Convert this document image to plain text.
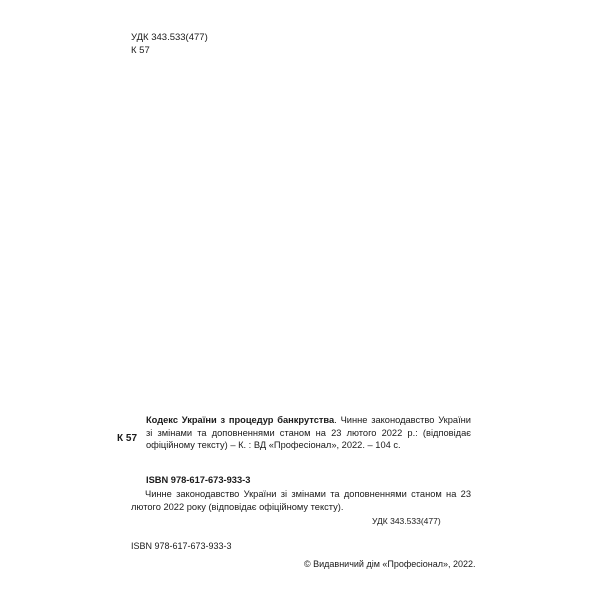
УДК 343.533(477)
К 57
К 57
Кодекс України з процедур банкрутства. Чинне законодавство України зі змінами та доповненнями станом на 23 лютого 2022 р.: (відповідає офіційному тексту) – К. : ВД «Професіонал», 2022. – 104 с.
ISBN 978-617-673-933-3

Чинне законодавство України зі змінами та доповненнями станом на 23 лютого 2022 року (відповідає офіційному тексту).

УДК 343.533(477)
ISBN 978-617-673-933-3
© Видавничий дім «Професіонал», 2022.
